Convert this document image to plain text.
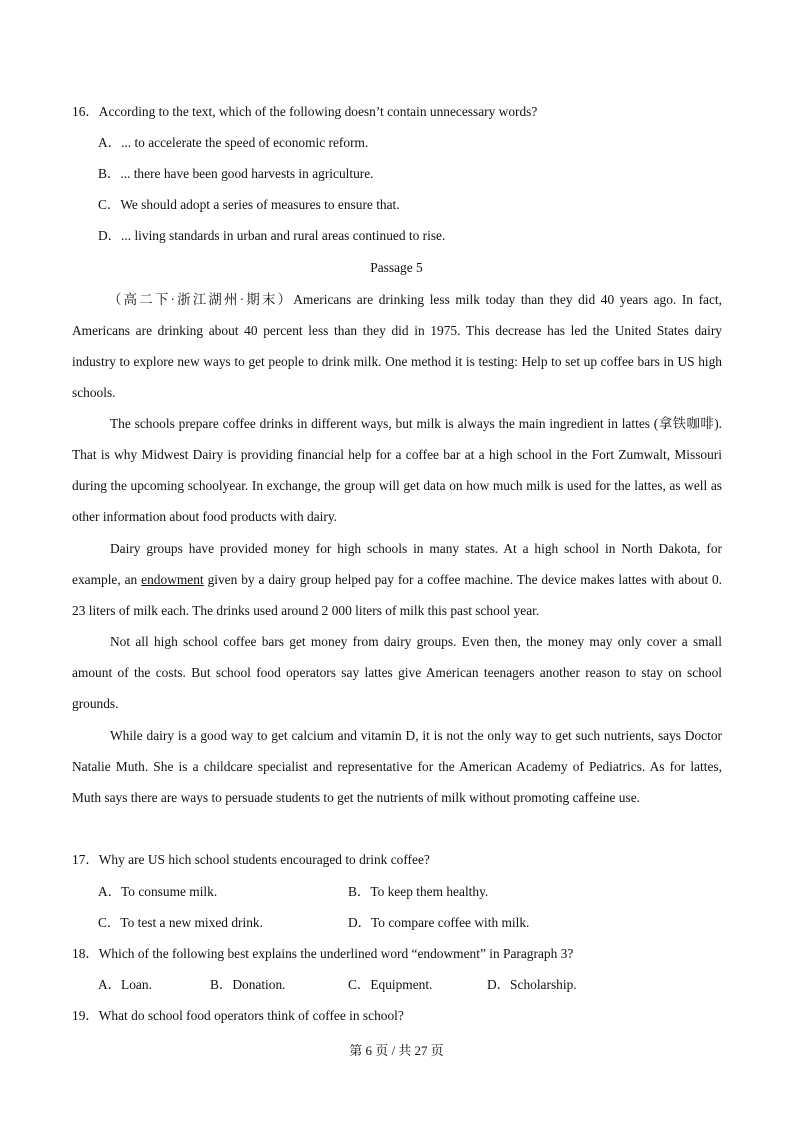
16．According to the text, which of the following doesn’t contain unnecessary words?
A．... to accelerate the speed of economic reform.
B．... there have been good harvests in agriculture.
C．We should adopt a series of measures to ensure that.
D．... living standards in urban and rural areas continued to rise.
Passage 5

（高二下·浙江湖州·期末）Americans are drinking less milk today than they did 40 years ago. In fact, Americans are drinking about 40 percent less than they did in 1975. This decrease has led the United States dairy industry to explore new ways to get people to drink milk. One method it is testing: Help to set up coffee bars in US high schools.

The schools prepare coffee drinks in different ways, but milk is always the main ingredient in lattes (拿铁咖啡). That is why Midwest Dairy is providing financial help for a coffee bar at a high school in the Fort Zumwalt, Missouri during the upcoming schoolyear. In exchange, the group will get data on how much milk is used for the lattes, as well as other information about food products with dairy.

Dairy groups have provided money for high schools in many states. At a high school in North Dakota, for example, an endowment given by a dairy group helped pay for a coffee machine. The device makes lattes with about 0. 23 liters of milk each. The drinks used around 2 000 liters of milk this past school year.

Not all high school coffee bars get money from dairy groups. Even then, the money may only cover a small amount of the costs. But school food operators say lattes give American teenagers another reason to stay on school grounds.

While dairy is a good way to get calcium and vitamin D, it is not the only way to get such nutrients, says Doctor Natalie Muth. She is a childcare specialist and representative for the American Academy of Pediatrics. As for lattes, Muth says there are ways to persuade students to get the nutrients of milk without promoting caffeine use.

17．Why are US hich school students encouraged to drink coffee?
A．To consume milk.	B．To keep them healthy.
C．To test a new mixed drink.	D．To compare coffee with milk.
18．Which of the following best explains the underlined word “endowment” in Paragraph 3?
A．Loan.	B．Donation.	C．Equipment.	D．Scholarship.
19．What do school food operators think of coffee in school?
第 6 页 / 共 27 页
